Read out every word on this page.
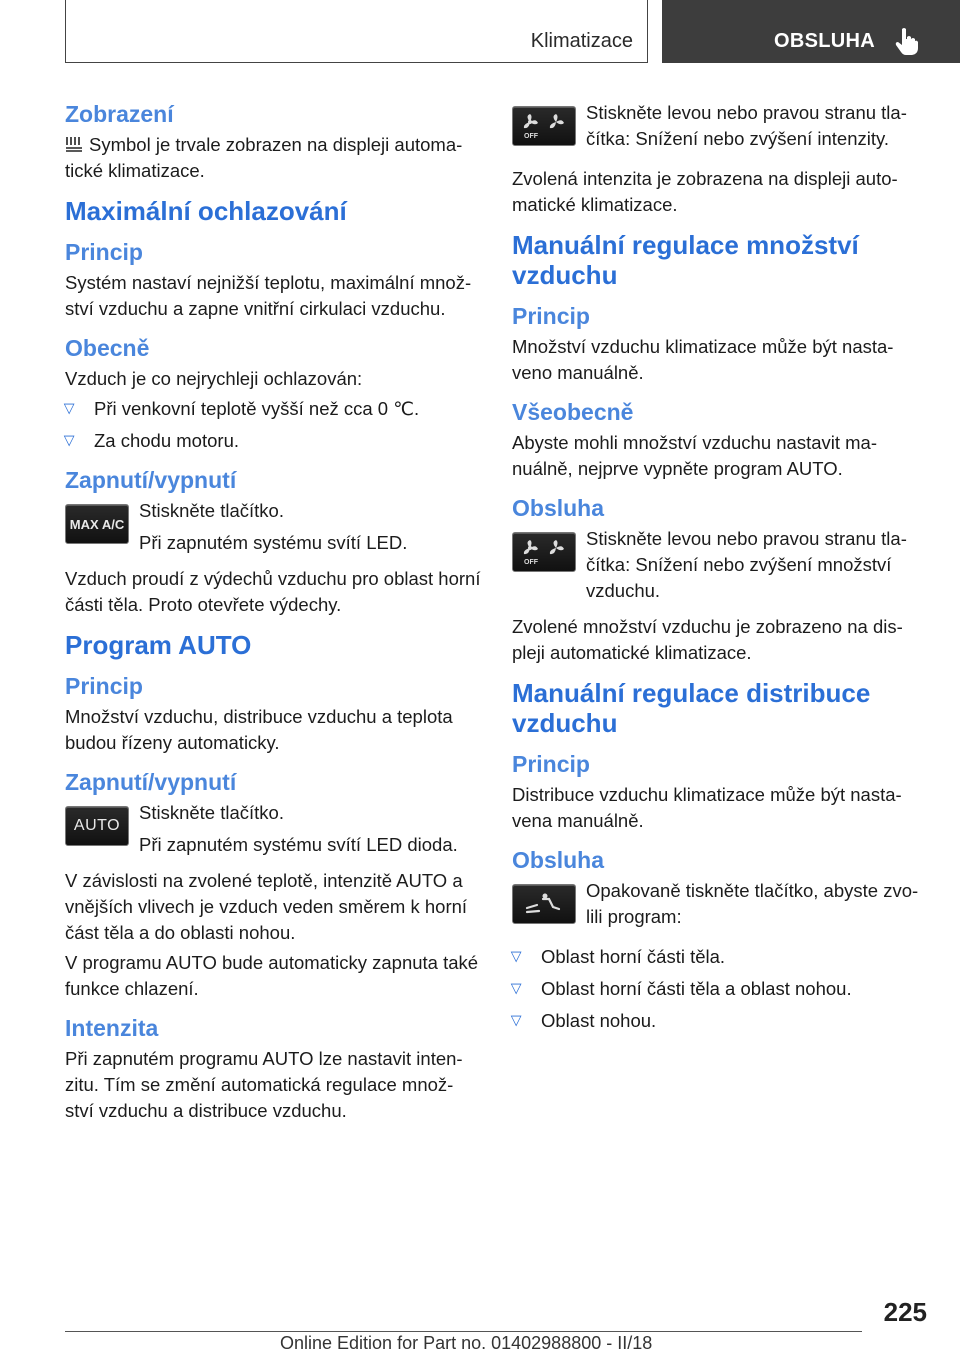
Klimatizace	OBSLUHA
Zobrazení

Symbol je trvale zobrazen na displeji automa‐tické klimatizace.

Maximální ochlazování
Princip

Systém nastaví nejnižší teplotu, maximální množ‐ství vzduchu a zapne vnitřní cirkulaci vzduchu.

Obecně

Vzduch je co nejrychleji ochlazován:

▷ Při venkovní teplotě vyšší než cca 0 ℃.
▷ Za chodu motoru.
Zapnutí/vypnutí
MAX A/C

Stiskněte tlačítko.

Při zapnutém systému svítí LED.

Vzduch proudí z výdechů vzduchu pro oblast horní části těla. Proto otevřete výdechy.

Program AUTO
Princip

Množství vzduchu, distribuce vzduchu a teplota budou řízeny automaticky.

Zapnutí/vypnutí
AUTO

Stiskněte tlačítko.

Při zapnutém systému svítí LED dioda.

V závislosti na zvolené teplotě, intenzitě AUTO a vnějších vlivech je vzduch veden směrem k horní část těla a do oblasti nohou.

V programu AUTO bude automaticky zapnuta také funkce chlazení.

Intenzita

Při zapnutém programu AUTO lze nastavit inten‐zitu. Tím se změní automatická regulace množ‐ství vzduchu a distribuce vzduchu.

OFF

Stiskněte levou nebo pravou stranu tla‐čítka: Snížení nebo zvýšení intenzity.

Zvolená intenzita je zobrazena na displeji auto‐matické klimatizace.

Manuální regulace množství vzduchu
Princip

Množství vzduchu klimatizace může být nasta‐veno manuálně.

Všeobecně

Abyste mohli množství vzduchu nastavit ma‐nuálně, nejprve vypněte program AUTO.

Obsluha
OFF

Stiskněte levou nebo pravou stranu tla‐čítka: Snížení nebo zvýšení množství vzduchu.

Zvolené množství vzduchu je zobrazeno na dis‐pleji automatické klimatizace.

Manuální regulace distribuce vzduchu
Princip

Distribuce vzduchu klimatizace může být nasta‐vena manuálně.

Obsluha

Opakovaně tiskněte tlačítko, abyste zvo‐lili program:

▷ Oblast horní části těla.
▷ Oblast horní části těla a oblast nohou.
▷ Oblast nohou.
225
Online Edition for Part no. 01402988800 - II/18
